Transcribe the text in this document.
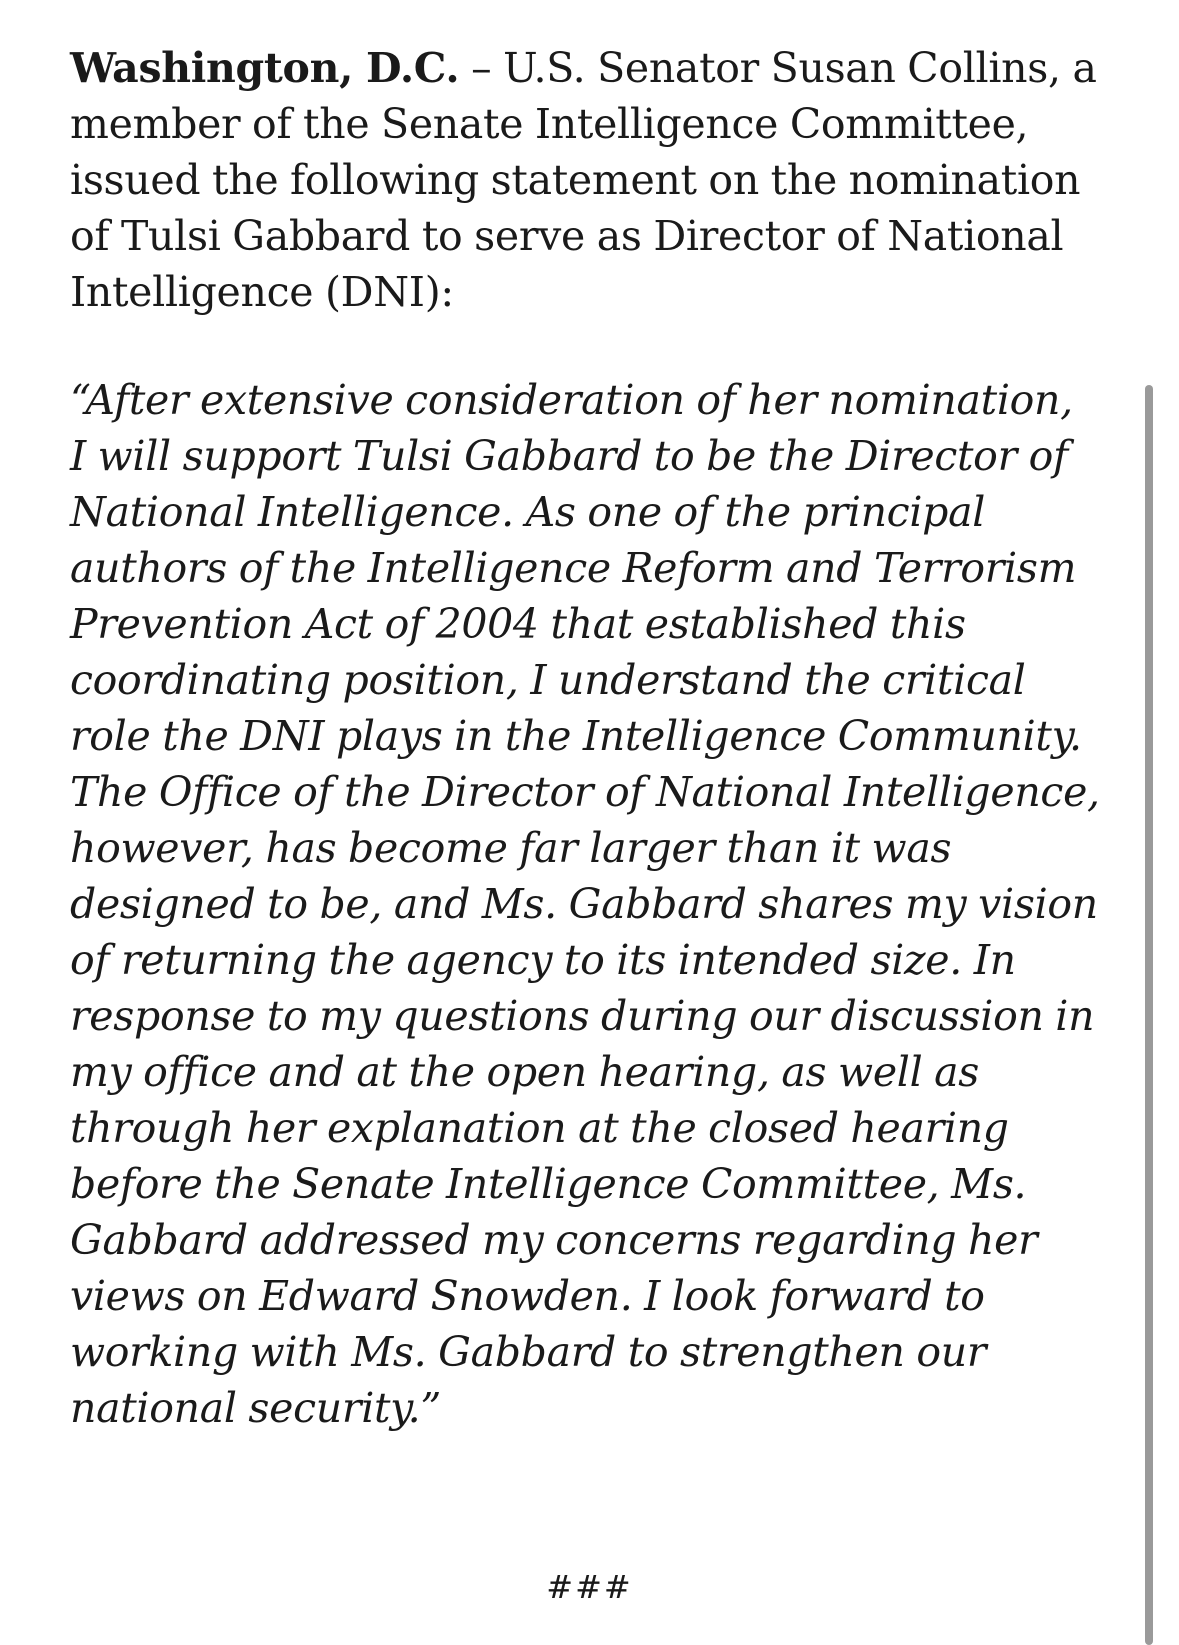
Washington, D.C. – U.S. Senator Susan Collins, a member of the Senate Intelligence Committee, issued the following statement on the nomination of Tulsi Gabbard to serve as Director of National Intelligence (DNI):

“After extensive consideration of her nomination, I will support Tulsi Gabbard to be the Director of National Intelligence. As one of the principal authors of the Intelligence Reform and Terrorism Prevention Act of 2004 that established this coordinating position, I understand the critical role the DNI plays in the Intelligence Community. The Office of the Director of National Intelligence, however, has become far larger than it was designed to be, and Ms. Gabbard shares my vision of returning the agency to its intended size. In response to my questions during our discussion in my office and at the open hearing, as well as through her explanation at the closed hearing before the Senate Intelligence Committee, Ms. Gabbard addressed my concerns regarding her views on Edward Snowden. I look forward to working with Ms. Gabbard to strengthen our national security.”

###
